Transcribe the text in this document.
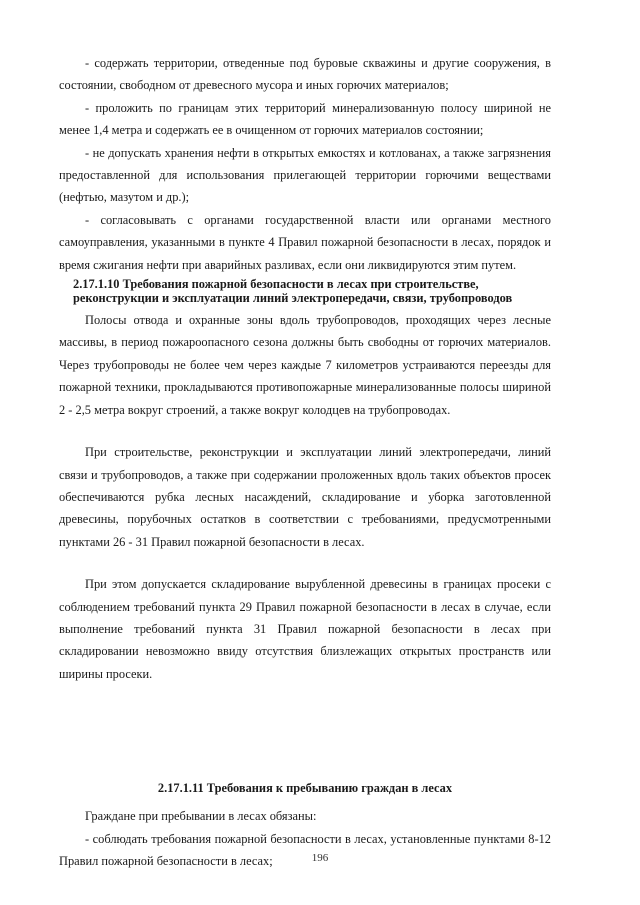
- содержать территории, отведенные под буровые скважины и другие сооружения, в состоянии, свободном от древесного мусора и иных горючих материалов;

- проложить по границам этих территорий минерализованную полосу шириной не менее 1,4 метра и содержать ее в очищенном от горючих материалов состоянии;

- не допускать хранения нефти в открытых емкостях и котлованах, а также загрязнения предоставленной для использования прилегающей территории горючими веществами (нефтью, мазутом и др.);

- согласовывать с органами государственной власти или органами местного самоуправления, указанными в пункте 4 Правил пожарной безопасности в лесах, порядок и время сжигания нефти при аварийных разливах, если они ликвидируются этим путем.

2.17.1.10 Требования пожарной безопасности в лесах при строительстве, реконструкции и эксплуатации линий электропередачи, связи, трубопроводов

Полосы отвода и охранные зоны вдоль трубопроводов, проходящих через лесные массивы, в период пожароопасного сезона должны быть свободны от горючих материалов. Через трубопроводы не более чем через каждые 7 километров устраиваются переезды для пожарной техники, прокладываются противопожарные минерализованные полосы шириной 2 - 2,5 метра вокруг строений, а также вокруг колодцев на трубопроводах.

При строительстве, реконструкции и эксплуатации линий электропередачи, линий связи и трубопроводов, а также при содержании проложенных вдоль таких объектов просек обеспечиваются рубка лесных насаждений, складирование и уборка заготовленной древесины, порубочных остатков в соответствии с требованиями, предусмотренными пунктами 26 - 31 Правил пожарной безопасности в лесах.

При этом допускается складирование вырубленной древесины в границах просеки с соблюдением требований пункта 29 Правил пожарной безопасности в лесах в случае, если выполнение требований пункта 31 Правил пожарной безопасности в лесах при складировании невозможно ввиду отсутствия близлежащих открытых пространств или ширины просеки.

2.17.1.11 Требования к пребыванию граждан в лесах

Граждане при пребывании в лесах обязаны:

- соблюдать требования пожарной безопасности в лесах, установленные пунктами 8-12 Правил пожарной безопасности в лесах;	196
